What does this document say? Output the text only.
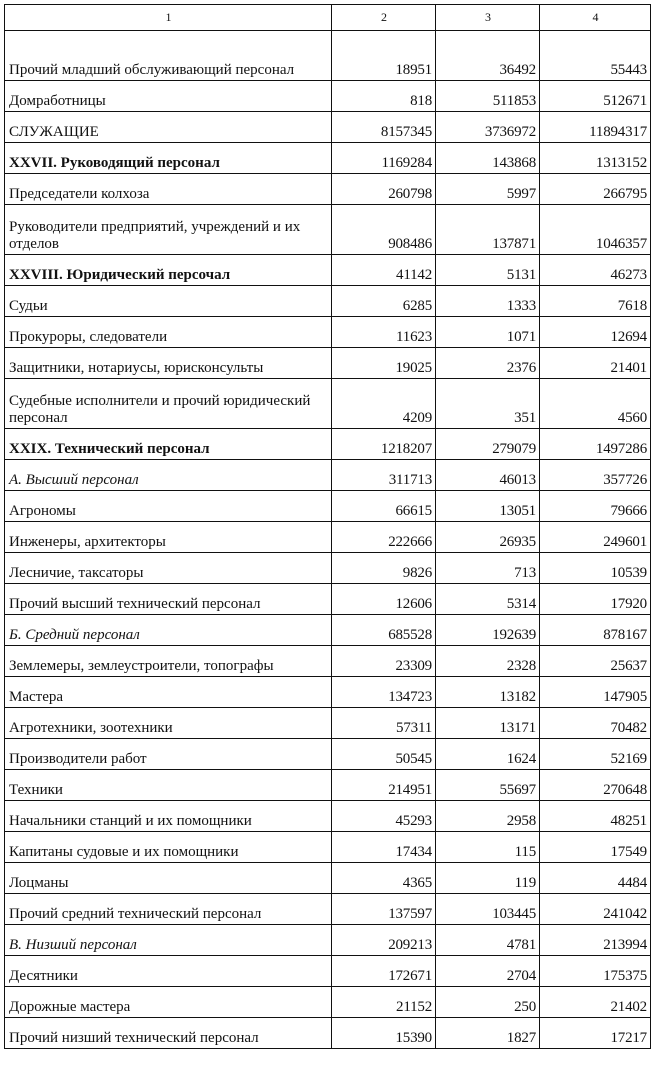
1	2	3	4
Прочий младший обслуживающий персонал	18951	36492	55443
Домработницы	818	511853	512671
СЛУЖАЩИЕ	8157345	3736972	11894317
XXVII. Руководящий персонал	1169284	143868	1313152
Председатели колхоза	260798	5997	266795
Руководители предприятий, учреждений и их отделов	908486	137871	1046357
XXVIII. Юридический персочал	41142	5131	46273
Судьи	6285	1333	7618
Прокуроры, следователи	11623	1071	12694
Защитники, нотариусы, юрисконсульты	19025	2376	21401
Судебные исполнители и прочий юридический персонал	4209	351	4560
XXIX. Технический персонал	1218207	279079	1497286
А. Высший персонал	311713	46013	357726
Агрономы	66615	13051	79666
Инженеры, архитекторы	222666	26935	249601
Лесничие, таксаторы	9826	713	10539
Прочий высший технический персонал	12606	5314	17920
Б. Средний персонал	685528	192639	878167
Землемеры, землеустроители, топографы	23309	2328	25637
Мастера	134723	13182	147905
Агротехники, зоотехники	57311	13171	70482
Производители работ	50545	1624	52169
Техники	214951	55697	270648
Начальники станций и их помощники	45293	2958	48251
Капитаны судовые и их помощники	17434	115	17549
Лоцманы	4365	119	4484
Прочий средний технический персонал	137597	103445	241042
В. Низший персонал	209213	4781	213994
Десятники	172671	2704	175375
Дорожные мастера	21152	250	21402
Прочий низший технический персонал	15390	1827	17217
